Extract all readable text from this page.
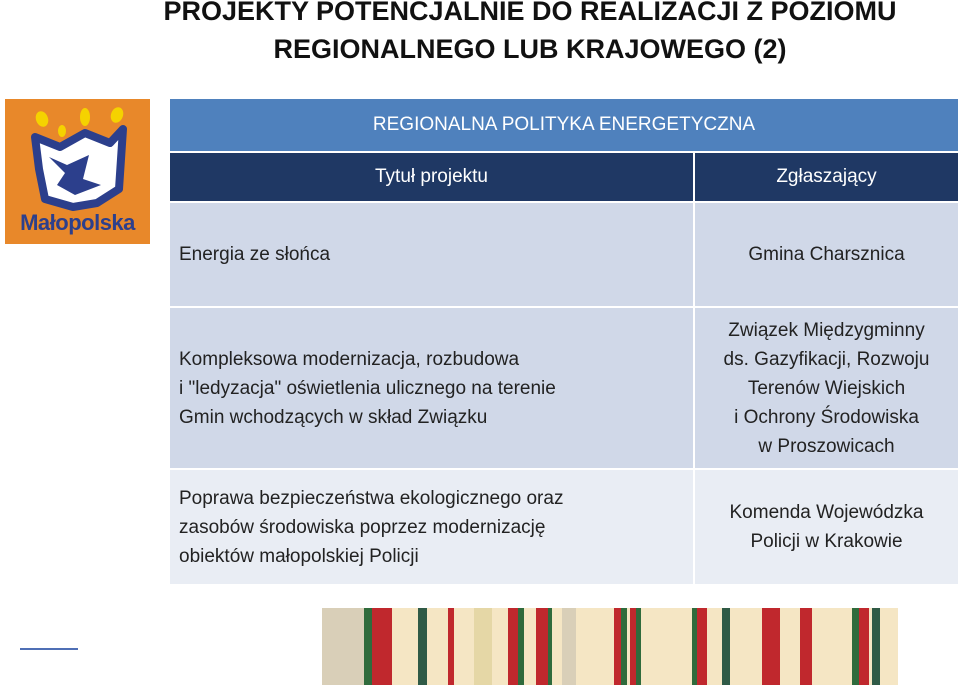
PROJEKTY POTENCJALNIE DO REALIZACJI Z POZIOMU
REGIONALNEGO LUB KRAJOWEGO (2)
Małopolska
REGIONALNA POLITYKA ENERGETYCZNA
Tytuł projektu	Zgłaszający
Energia ze słońca	Gmina Charsznica
Kompleksowa modernizacja, rozbudowa
i "ledyzacja" oświetlenia ulicznego na terenie
Gmin wchodzących w skład Związku
Związek Międzygminny
ds. Gazyfikacji, Rozwoju
Terenów Wiejskich
i Ochrony Środowiska
w Proszowicach
Poprawa bezpieczeństwa ekologicznego oraz
zasobów środowiska poprzez modernizację
obiektów małopolskiej Policji
Komenda Wojewódzka
Policji w Krakowie
